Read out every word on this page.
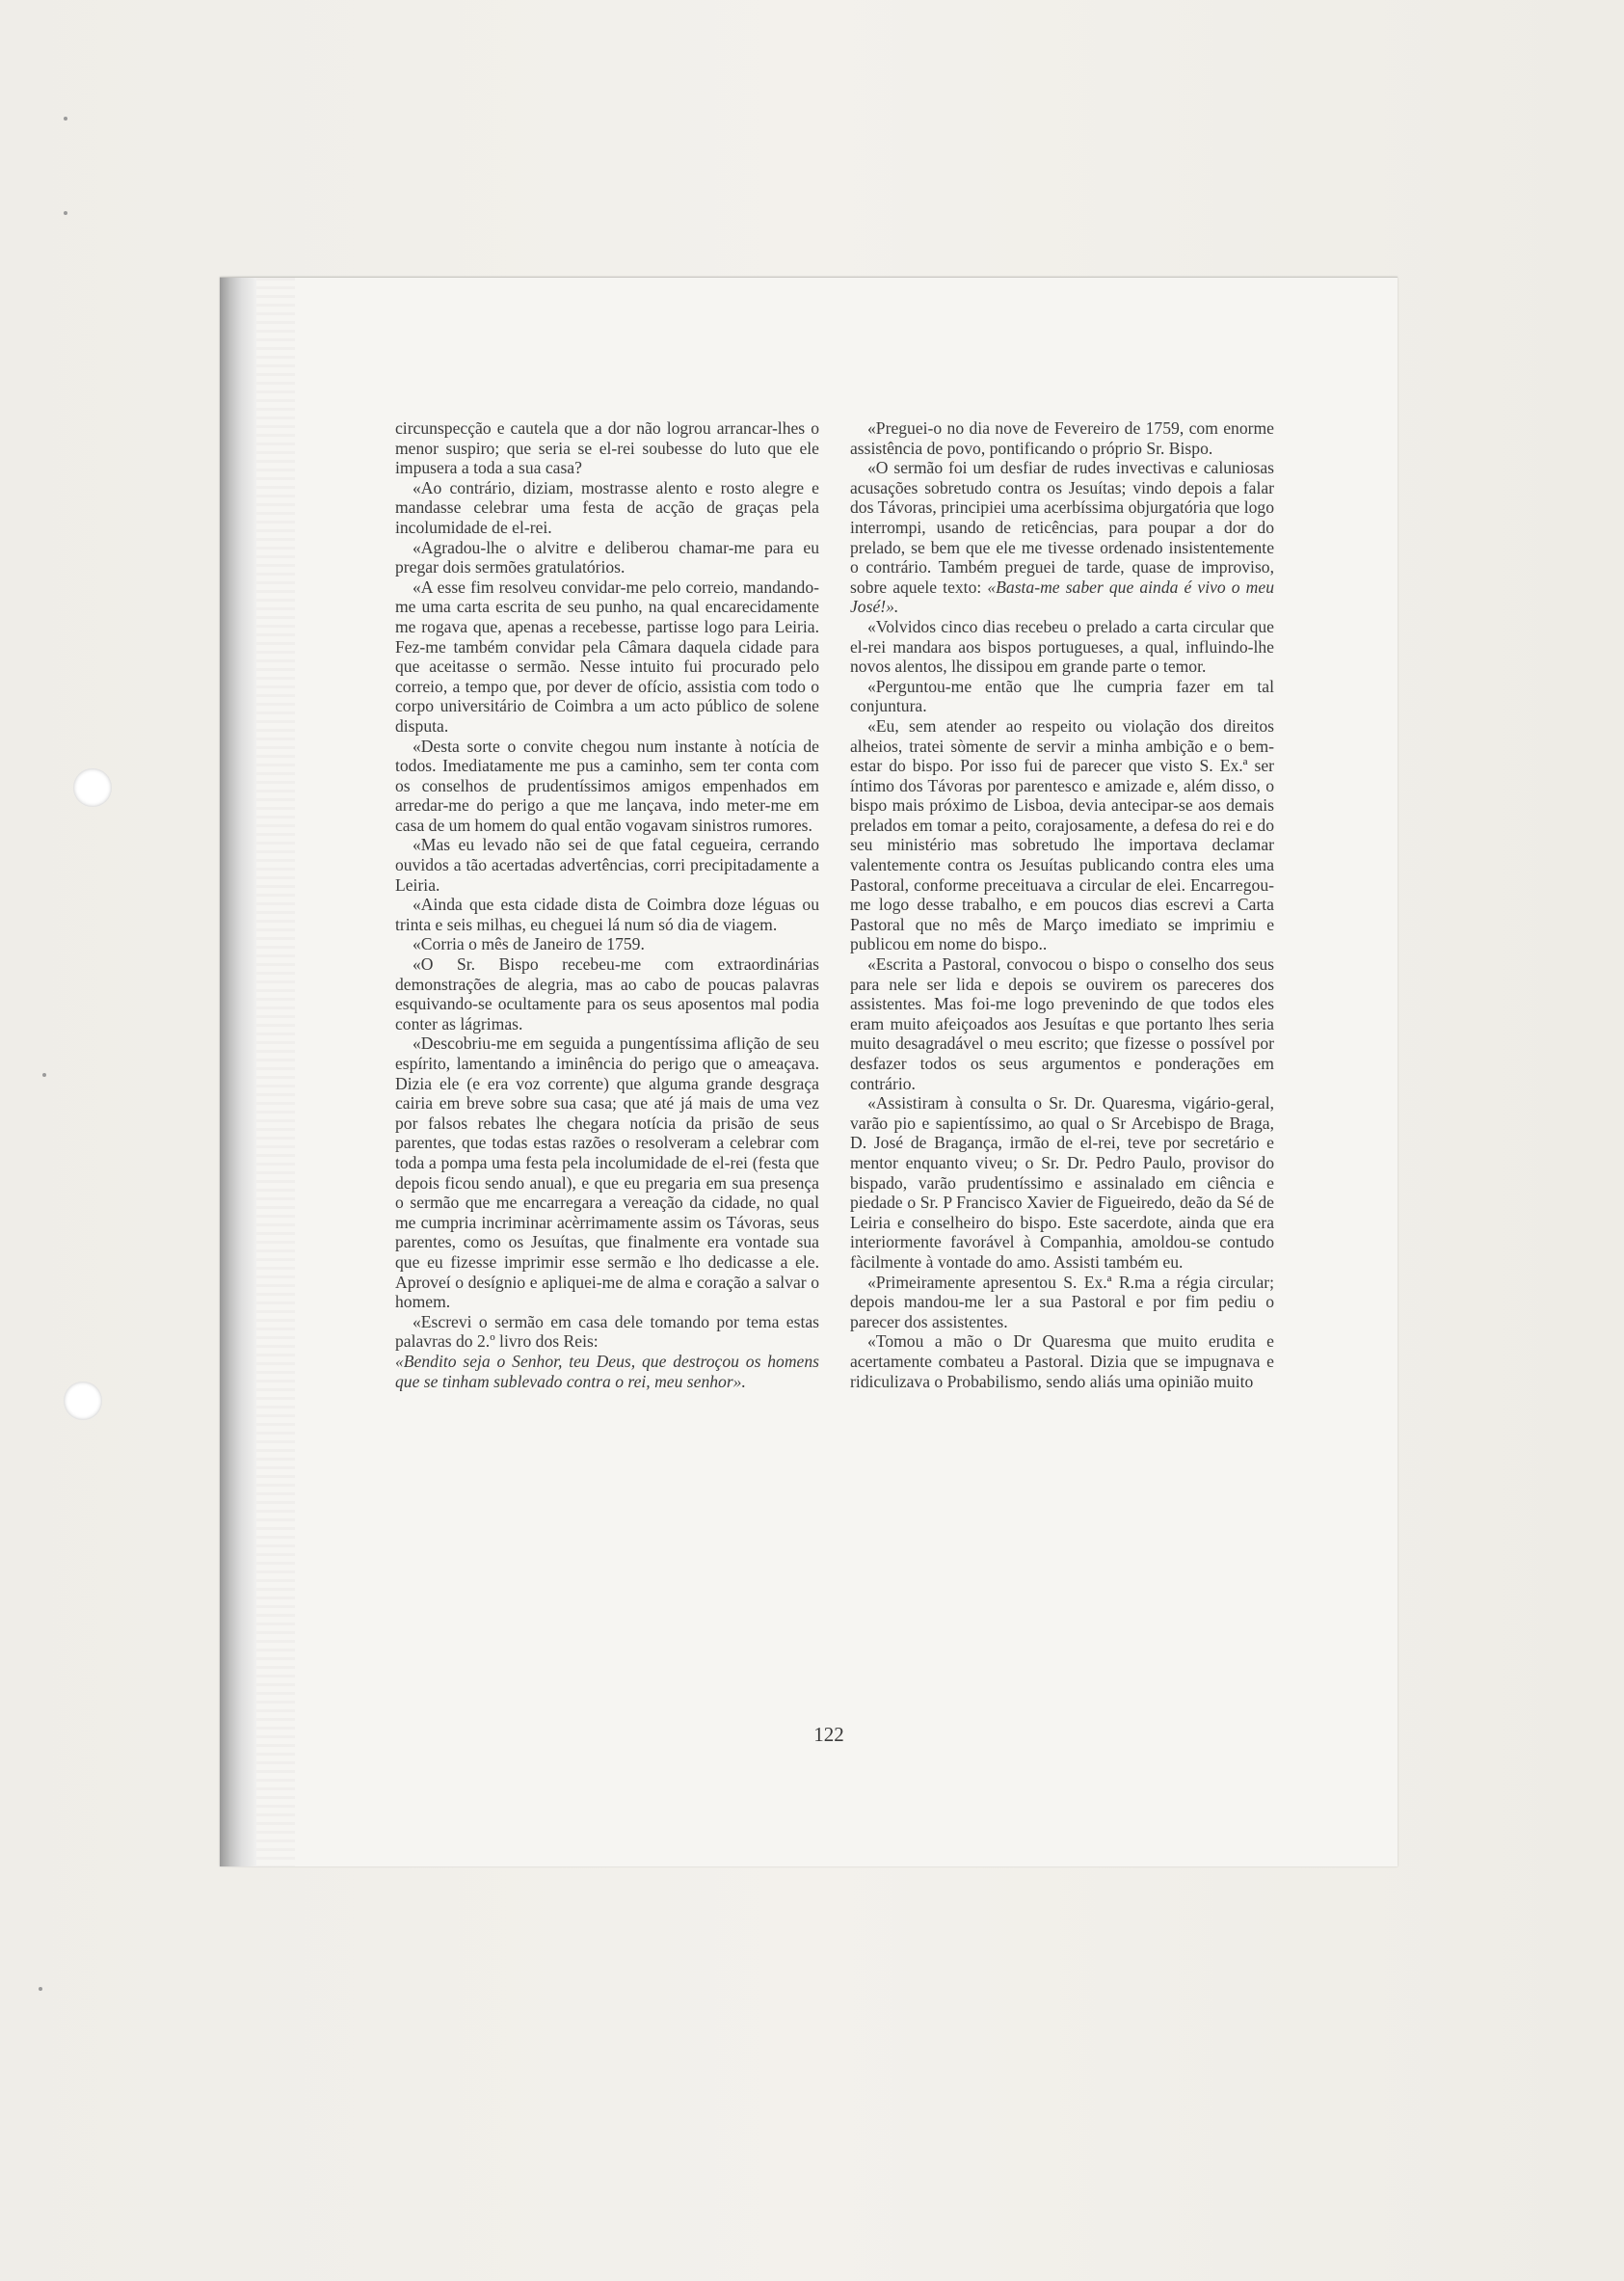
circunspecção e cautela que a dor não logrou arrancar-lhes o menor suspiro; que seria se el-rei soubesse do luto que ele impusera a toda a sua casa?

«Ao contrário, diziam, mostrasse alento e rosto alegre e mandasse celebrar uma festa de acção de graças pela incolumidade de el-rei.

«Agradou-lhe o alvitre e deliberou chamar-me para eu pregar dois sermões gratulatórios.

«A esse fim resolveu convidar-me pelo correio, mandando-me uma carta escrita de seu punho, na qual encarecidamente me rogava que, apenas a recebesse, partisse logo para Leiria. Fez-me também convidar pela Câmara daquela cidade para que aceitasse o sermão. Nesse intuito fui procurado pelo correio, a tempo que, por dever de ofício, assistia com todo o corpo universitário de Coimbra a um acto público de solene disputa.

«Desta sorte o convite chegou num instante à notícia de todos. Imediatamente me pus a caminho, sem ter conta com os conselhos de prudentíssimos amigos empenhados em arredar-me do perigo a que me lançava, indo meter-me em casa de um homem do qual então vogavam sinistros rumores.

«Mas eu levado não sei de que fatal cegueira, cerrando ouvidos a tão acertadas advertências, corri precipitadamente a Leiria.

«Ainda que esta cidade dista de Coimbra doze léguas ou trinta e seis milhas, eu cheguei lá num só dia de viagem.

«Corria o mês de Janeiro de 1759.

«O Sr. Bispo recebeu-me com extraordinárias demonstrações de alegria, mas ao cabo de poucas palavras esquivando-se ocultamente para os seus aposentos mal podia conter as lágrimas.

«Descobriu-me em seguida a pungentíssima aflição de seu espírito, lamentando a iminência do perigo que o ameaçava. Dizia ele (e era voz corrente) que alguma grande desgraça cairia em breve sobre sua casa; que até já mais de uma vez por falsos rebates lhe chegara notícia da prisão de seus parentes, que todas estas razões o resolveram a celebrar com toda a pompa uma festa pela incolumidade de el-rei (festa que depois ficou sendo anual), e que eu pregaria em sua presença o sermão que me encarregara a vereação da cidade, no qual me cumpria incriminar acèrrimamente assim os Távoras, seus parentes, como os Jesuítas, que finalmente era vontade sua que eu fizesse imprimir esse sermão e lho dedicasse a ele. Aproveí o desígnio e apliquei-me de alma e coração a salvar o homem.

«Escrevi o sermão em casa dele tomando por tema estas palavras do 2.º livro dos Reis:

«Bendito seja o Senhor, teu Deus, que destroçou os homens que se tinham sublevado contra o rei, meu senhor».

«Preguei-o no dia nove de Fevereiro de 1759, com enorme assistência de povo, pontificando o próprio Sr. Bispo.

«O sermão foi um desfiar de rudes invectivas e caluniosas acusações sobretudo contra os Jesuítas; vindo depois a falar dos Távoras, principiei uma acerbíssima objurgatória que logo interrompi, usando de reticências, para poupar a dor do prelado, se bem que ele me tivesse ordenado insistentemente o contrário. Também preguei de tarde, quase de improviso, sobre aquele texto: «Basta-me saber que ainda é vivo o meu José!».

«Volvidos cinco dias recebeu o prelado a carta circular que el-rei mandara aos bispos portugueses, a qual, influindo-lhe novos alentos, lhe dissipou em grande parte o temor.

«Perguntou-me então que lhe cumpria fazer em tal conjuntura.

«Eu, sem atender ao respeito ou violação dos direitos alheios, tratei sòmente de servir a minha ambição e o bem-estar do bispo. Por isso fui de parecer que visto S. Ex.ª ser íntimo dos Távoras por parentesco e amizade e, além disso, o bispo mais próximo de Lisboa, devia antecipar-se aos demais prelados em tomar a peito, corajosamente, a defesa do rei e do seu ministério mas sobretudo lhe importava declamar valentemente contra os Jesuítas publicando contra eles uma Pastoral, conforme preceituava a circular de elei. Encarregou-me logo desse trabalho, e em poucos dias escrevi a Carta Pastoral que no mês de Março imediato se imprimiu e publicou em nome do bispo..

«Escrita a Pastoral, convocou o bispo o conselho dos seus para nele ser lida e depois se ouvirem os pareceres dos assistentes. Mas foi-me logo prevenindo de que todos eles eram muito afeiçoados aos Jesuítas e que portanto lhes seria muito desagradável o meu escrito; que fizesse o possível por desfazer todos os seus argumentos e ponderações em contrário.

«Assistiram à consulta o Sr. Dr. Quaresma, vigário-geral, varão pio e sapientíssimo, ao qual o Sr Arcebispo de Braga, D. José de Bragança, irmão de el-rei, teve por secretário e mentor enquanto viveu; o Sr. Dr. Pedro Paulo, provisor do bispado, varão prudentíssimo e assinalado em ciência e piedade o Sr. P Francisco Xavier de Figueiredo, deão da Sé de Leiria e conselheiro do bispo. Este sacerdote, ainda que era interiormente favorável à Companhia, amoldou-se contudo fàcilmente à vontade do amo. Assisti também eu.

«Primeiramente apresentou S. Ex.ª R.ma a régia circular; depois mandou-me ler a sua Pastoral e por fim pediu o parecer dos assistentes.

«Tomou a mão o Dr Quaresma que muito erudita e acertamente combateu a Pastoral. Dizia que se impugnava e ridiculizava o Probabilismo, sendo aliás uma opinião muito

122
